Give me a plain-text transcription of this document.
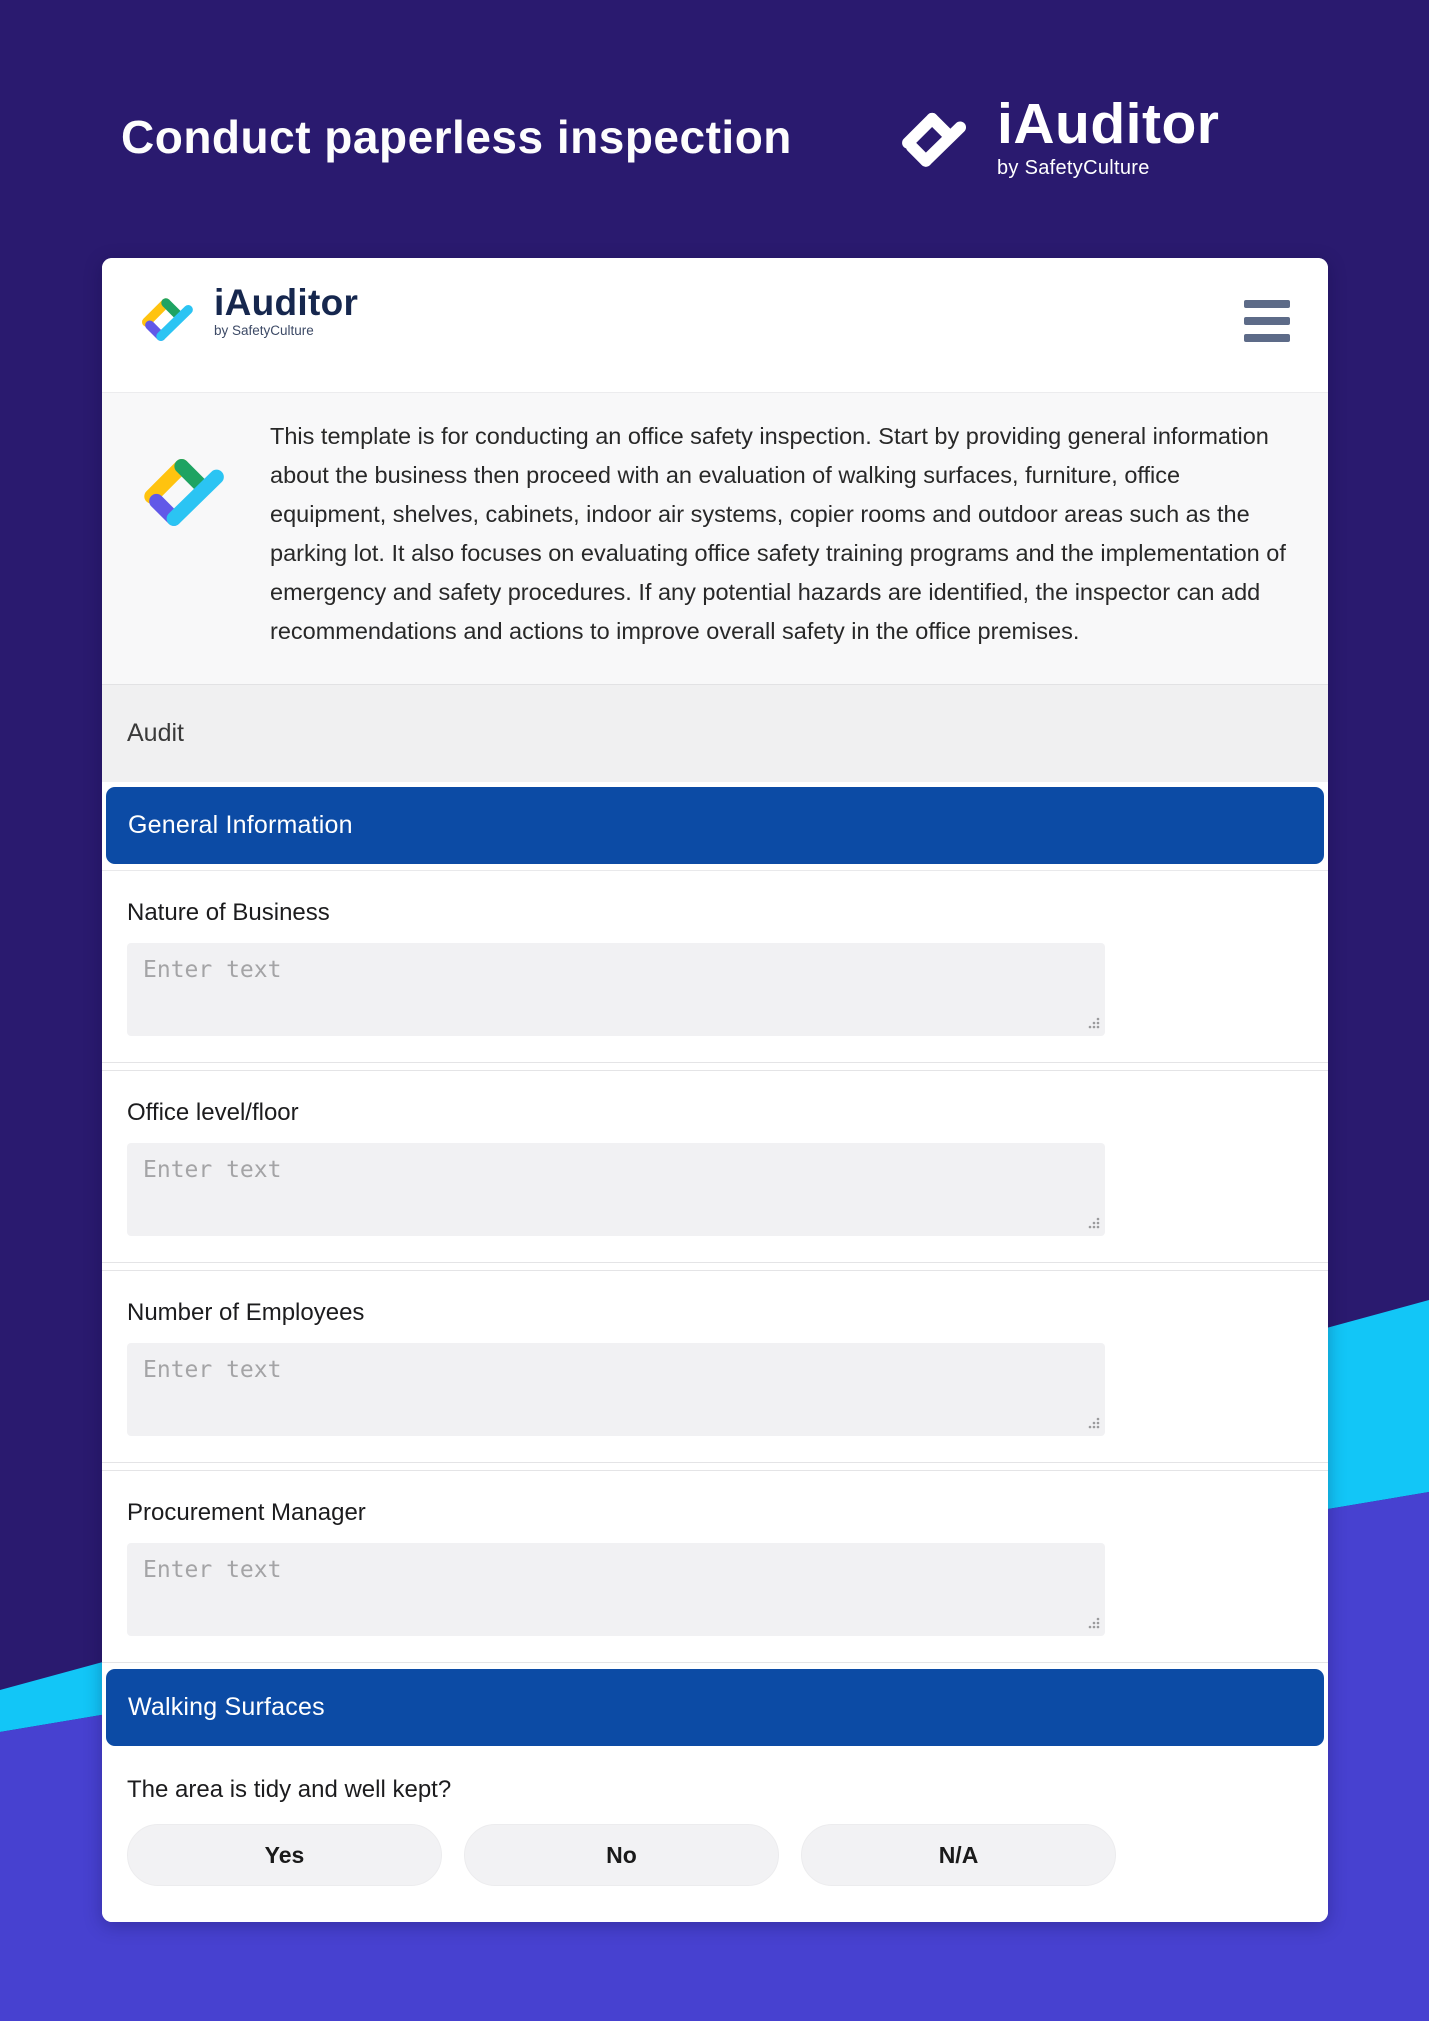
Conduct paperless inspection	iAuditor
by SafetyCulture
iAuditor
by SafetyCulture
This template is for conducting an office safety inspection. Start by providing general information about the business then proceed with an evaluation of walking surfaces, furniture, office equipment, shelves, cabinets, indoor air systems, copier rooms and outdoor areas such as the parking lot. It also focuses on evaluating office safety training programs and the implementation of emergency and safety procedures. If any potential hazards are identified, the inspector can add recommendations and actions to improve overall safety in the office premises.
Audit
General Information
Nature of Business
Enter text
Office level/floor
Enter text
Number of Employees
Enter text
Procurement Manager
Enter text
Walking Surfaces
The area is tidy and well kept?
Yes	No	N/A
